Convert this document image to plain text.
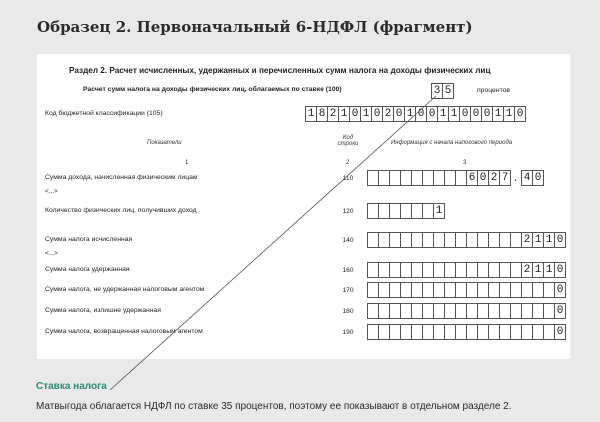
Образец 2. Первоначальный 6-НДФЛ (фрагмент)
Раздел 2. Расчет исчисленных, удержанных и перечисленных сумм налога на доходы физических лиц
Расчет сумм налога на доходы физических лиц, облагаемых по ставке (100)	3 5	процентов
Код бюджетной классификации (105)	1 8 2 1 0 1 0 2 0 1 0 0 1 1 0 0 0 1 1 0
Показатели
Код строки	Информация с начала налогового периода
1	2	3
Сумма дохода, начисленная физическим лицам	110	6 0 2 7 . 4 0
<...>
Количество физических лиц, получивших доход	120	1
Сумма налога исчисленная	140	2 1 1 0
<...>
Сумма налога удержанная	160	2 1 1 0
Сумма налога, не удержанная налоговым агентом	170	0
Сумма налога, излишне удержанная	180	0
Сумма налога, возвращенная налоговым агентом	190	0
Ставка налога
Матвыгода облагается НДФЛ по ставке 35 процентов, поэтому ее показывают в отдельном разделе 2.
